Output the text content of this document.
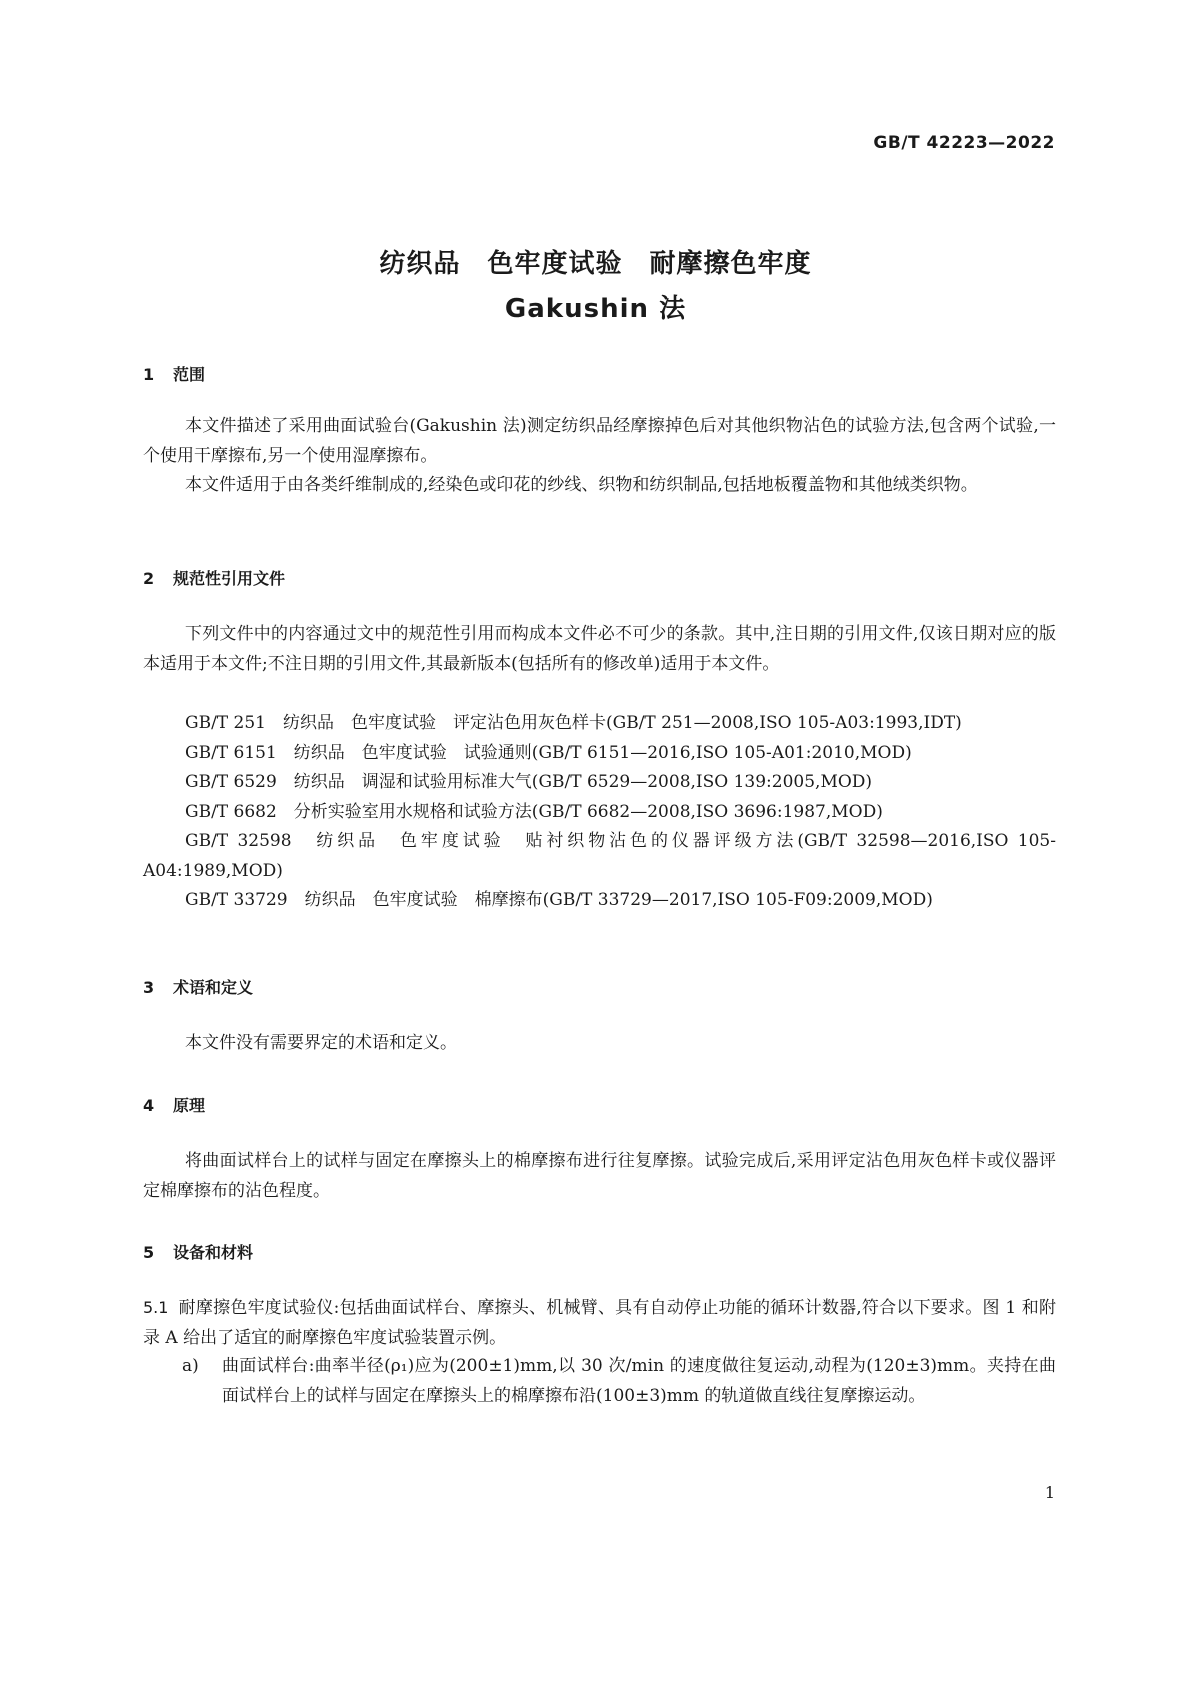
GB/T 42223—2022
纺织品　色牢度试验　耐摩擦色牢度
Gakushin 法
1 范围

本文件描述了采用曲面试验台(Gakushin 法)测定纺织品经摩擦掉色后对其他织物沾色的试验方法,包含两个试验,一个使用干摩擦布,另一个使用湿摩擦布。

本文件适用于由各类纤维制成的,经染色或印花的纱线、织物和纺织制品,包括地板覆盖物和其他绒类织物。

2 规范性引用文件

下列文件中的内容通过文中的规范性引用而构成本文件必不可少的条款。其中,注日期的引用文件,仅该日期对应的版本适用于本文件;不注日期的引用文件,其最新版本(包括所有的修改单)适用于本文件。

GB/T 251　纺织品　色牢度试验　评定沾色用灰色样卡(GB/T 251—2008,ISO 105-A03:1993,IDT)

GB/T 6151　纺织品　色牢度试验　试验通则(GB/T 6151—2016,ISO 105-A01:2010,MOD)

GB/T 6529　纺织品　调湿和试验用标准大气(GB/T 6529—2008,ISO 139:2005,MOD)

GB/T 6682　分析实验室用水规格和试验方法(GB/T 6682—2008,ISO 3696:1987,MOD)

GB/T 32598　纺织品　色牢度试验　贴衬织物沾色的仪器评级方法(GB/T 32598—2016,ISO 105-A04:1989,MOD)

GB/T 33729　纺织品　色牢度试验　棉摩擦布(GB/T 33729—2017,ISO 105-F09:2009,MOD)

3 术语和定义

本文件没有需要界定的术语和定义。

4 原理

将曲面试样台上的试样与固定在摩擦头上的棉摩擦布进行往复摩擦。试验完成后,采用评定沾色用灰色样卡或仪器评定棉摩擦布的沾色程度。

5 设备和材料
5.1 耐摩擦色牢度试验仪:包括曲面试样台、摩擦头、机械臂、具有自动停止功能的循环计数器,符合以下要求。图 1 和附录 A 给出了适宜的耐摩擦色牢度试验装置示例。
a) 曲面试样台:曲率半径(ρ₁)应为(200±1)mm,以 30 次/min 的速度做往复运动,动程为(120±3)mm。夹持在曲面试样台上的试样与固定在摩擦头上的棉摩擦布沿(100±3)mm 的轨道做直线往复摩擦运动。
1
